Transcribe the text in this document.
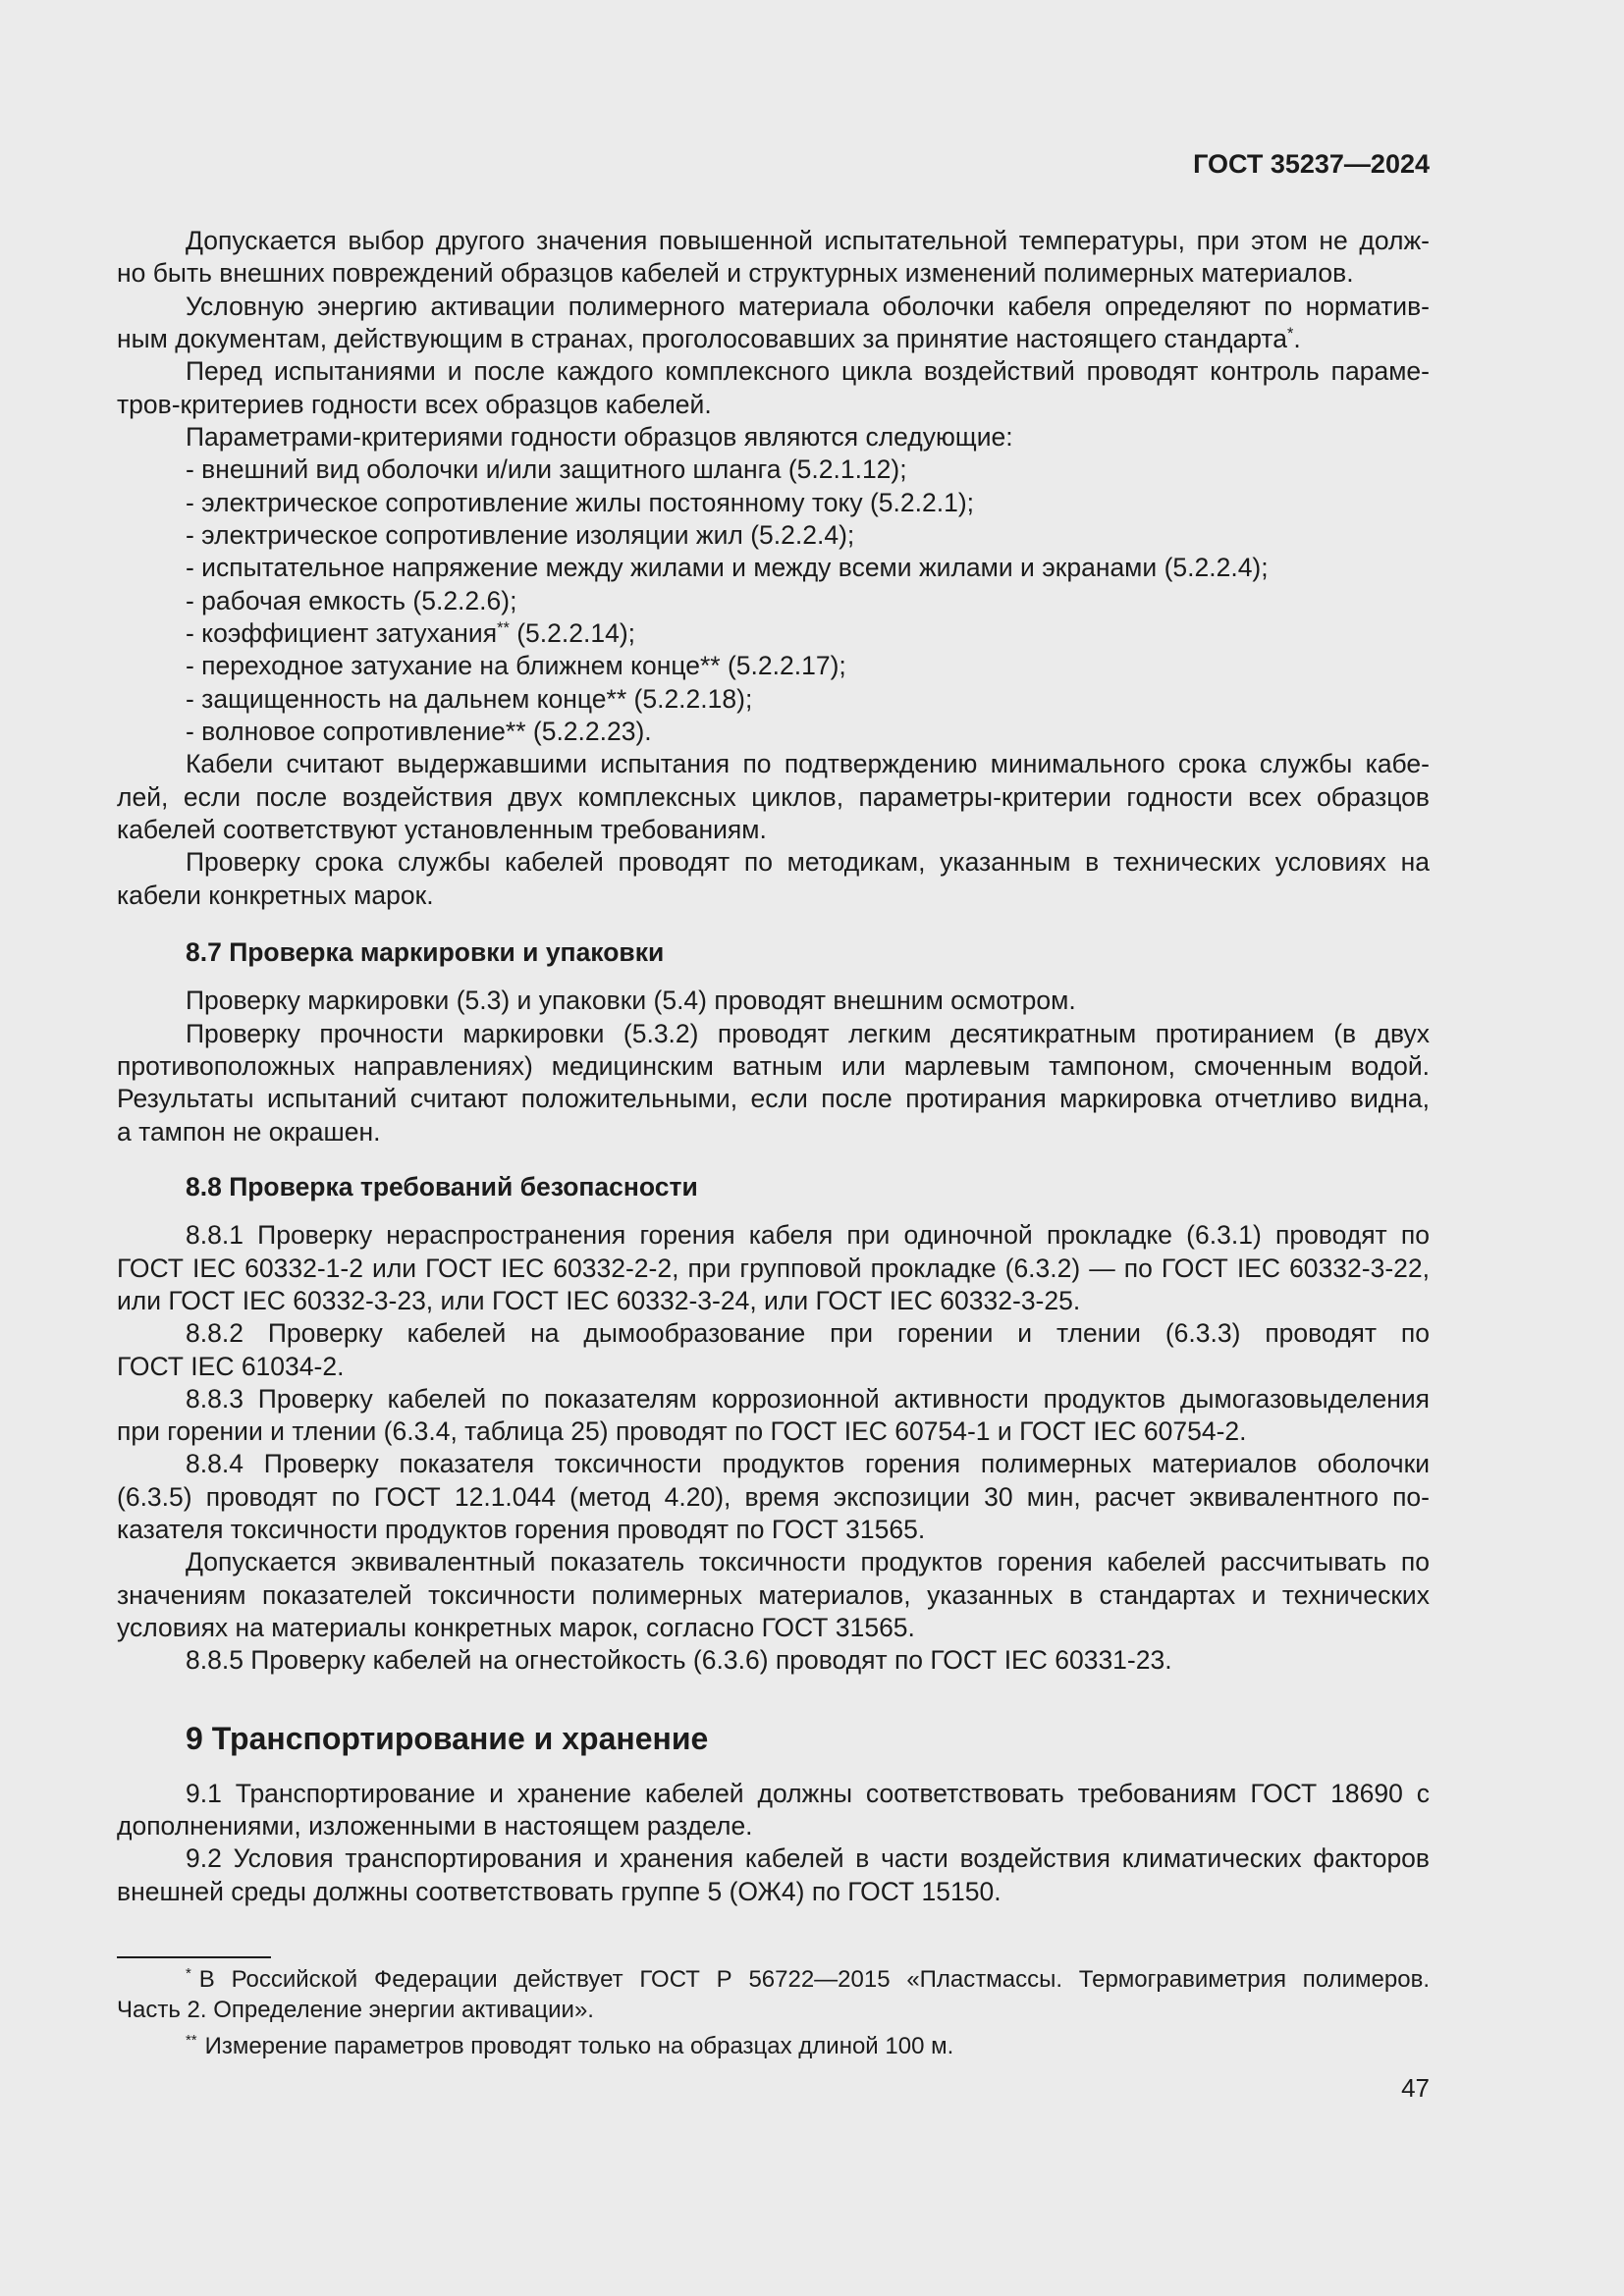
ГОСТ 35237—2024
Допускается выбор другого значения повышенной испытательной температуры, при этом не долж-
но быть внешних повреждений образцов кабелей и структурных изменений полимерных материалов.
Условную энергию активации полимерного материала оболочки кабеля определяют по норматив-
ным документам, действующим в странах, проголосовавших за принятие настоящего стандарта*.
Перед испытаниями и после каждого комплексного цикла воздействий проводят контроль параме-
тров-критериев годности всех образцов кабелей.
Параметрами-критериями годности образцов являются следующие:
- внешний вид оболочки и/или защитного шланга (5.2.1.12);
- электрическое сопротивление жилы постоянному току (5.2.2.1);
- электрическое сопротивление изоляции жил (5.2.2.4);
- испытательное напряжение между жилами и между всеми жилами и экранами (5.2.2.4);
- рабочая емкость (5.2.2.6);
- коэффициент затухания** (5.2.2.14);
- переходное затухание на ближнем конце** (5.2.2.17);
- защищенность на дальнем конце** (5.2.2.18);
- волновое сопротивление** (5.2.2.23).
Кабели считают выдержавшими испытания по подтверждению минимального срока службы кабе-
лей, если после воздействия двух комплексных циклов, параметры-критерии годности всех образцов
кабелей соответствуют установленным требованиям.
Проверку срока службы кабелей проводят по методикам, указанным в технических условиях на
кабели конкретных марок.
8.7 Проверка маркировки и упаковки
Проверку маркировки (5.3) и упаковки (5.4) проводят внешним осмотром.
Проверку прочности маркировки (5.3.2) проводят легким десятикратным протиранием (в двух
противоположных направлениях) медицинским ватным или марлевым тампоном, смоченным водой.
Результаты испытаний считают положительными, если после протирания маркировка отчетливо видна,
а тампон не окрашен.
8.8 Проверка требований безопасности
8.8.1 Проверку нераспространения горения кабеля при одиночной прокладке (6.3.1) проводят по
ГОСТ IEC 60332-1-2 или ГОСТ IEC 60332-2-2, при групповой прокладке (6.3.2) — по ГОСТ IEC 60332-3-22,
или ГОСТ IEC 60332-3-23, или ГОСТ IEC 60332-3-24, или ГОСТ IEC 60332-3-25.
8.8.2 Проверку кабелей на дымообразование при горении и тлении (6.3.3) проводят по
ГОСТ IEC 61034-2.
8.8.3 Проверку кабелей по показателям коррозионной активности продуктов дымогазовыделения
при горении и тлении (6.3.4, таблица 25) проводят по ГОСТ IEC 60754-1 и ГОСТ IEC 60754-2.
8.8.4 Проверку показателя токсичности продуктов горения полимерных материалов оболочки
(6.3.5) проводят по ГОСТ 12.1.044 (метод 4.20), время экспозиции 30 мин, расчет эквивалентного по-
казателя токсичности продуктов горения проводят по ГОСТ 31565.
Допускается эквивалентный показатель токсичности продуктов горения кабелей рассчитывать по
значениям показателей токсичности полимерных материалов, указанных в стандартах и технических
условиях на материалы конкретных марок, согласно ГОСТ 31565.
8.8.5 Проверку кабелей на огнестойкость (6.3.6) проводят по ГОСТ IEC 60331-23.
9 Транспортирование и хранение
9.1 Транспортирование и хранение кабелей должны соответствовать требованиям ГОСТ 18690 с
дополнениями, изложенными в настоящем разделе.
9.2 Условия транспортирования и хранения кабелей в части воздействия климатических факторов
внешней среды должны соответствовать группе 5 (ОЖ4) по ГОСТ 15150.
* В Российской Федерации действует ГОСТ Р 56722—2015 «Пластмассы. Термогравиметрия полимеров.
Часть 2. Определение энергии активации».
** Измерение параметров проводят только на образцах длиной 100 м.
47
